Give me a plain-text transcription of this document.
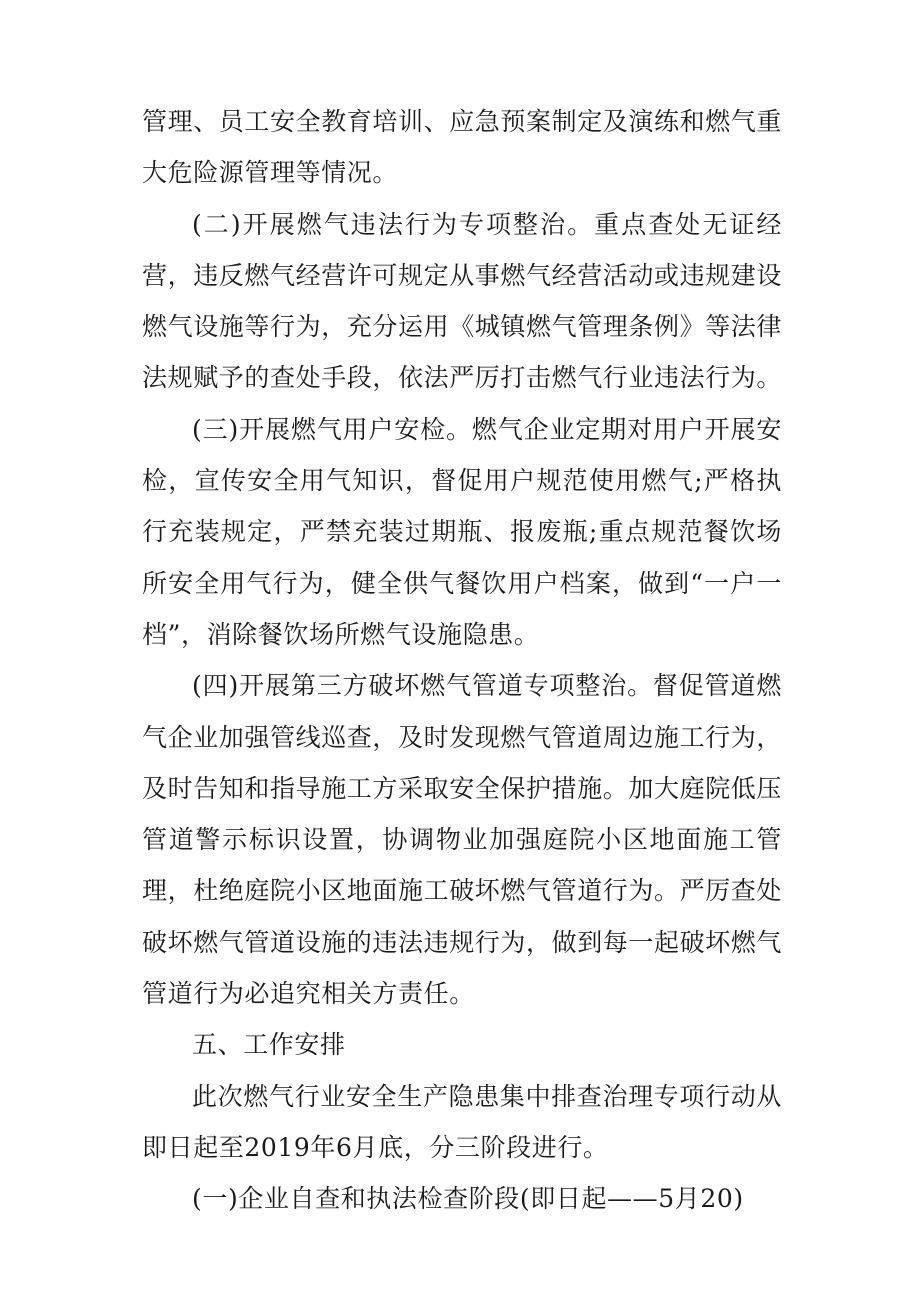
管理、员工安全教育培训、应急预案制定及演练和燃气重大危险源管理等情况。

(二)开展燃气违法行为专项整治。重点查处无证经营，违反燃气经营许可规定从事燃气经营活动或违规建设燃气设施等行为，充分运用《城镇燃气管理条例》等法律法规赋予的查处手段，依法严厉打击燃气行业违法行为。

(三)开展燃气用户安检。燃气企业定期对用户开展安检，宣传安全用气知识，督促用户规范使用燃气;严格执行充装规定，严禁充装过期瓶、报废瓶;重点规范餐饮场所安全用气行为，健全供气餐饮用户档案，做到“一户一档”，消除餐饮场所燃气设施隐患。

(四)开展第三方破坏燃气管道专项整治。督促管道燃气企业加强管线巡查，及时发现燃气管道周边施工行为，及时告知和指导施工方采取安全保护措施。加大庭院低压管道警示标识设置，协调物业加强庭院小区地面施工管理，杜绝庭院小区地面施工破坏燃气管道行为。严厉查处破坏燃气管道设施的违法违规行为，做到每一起破坏燃气管道行为必追究相关方责任。

五、工作安排

此次燃气行业安全生产隐患集中排查治理专项行动从即日起至2019年6月底，分三阶段进行。

(一)企业自查和执法检查阶段(即日起——5月20)
